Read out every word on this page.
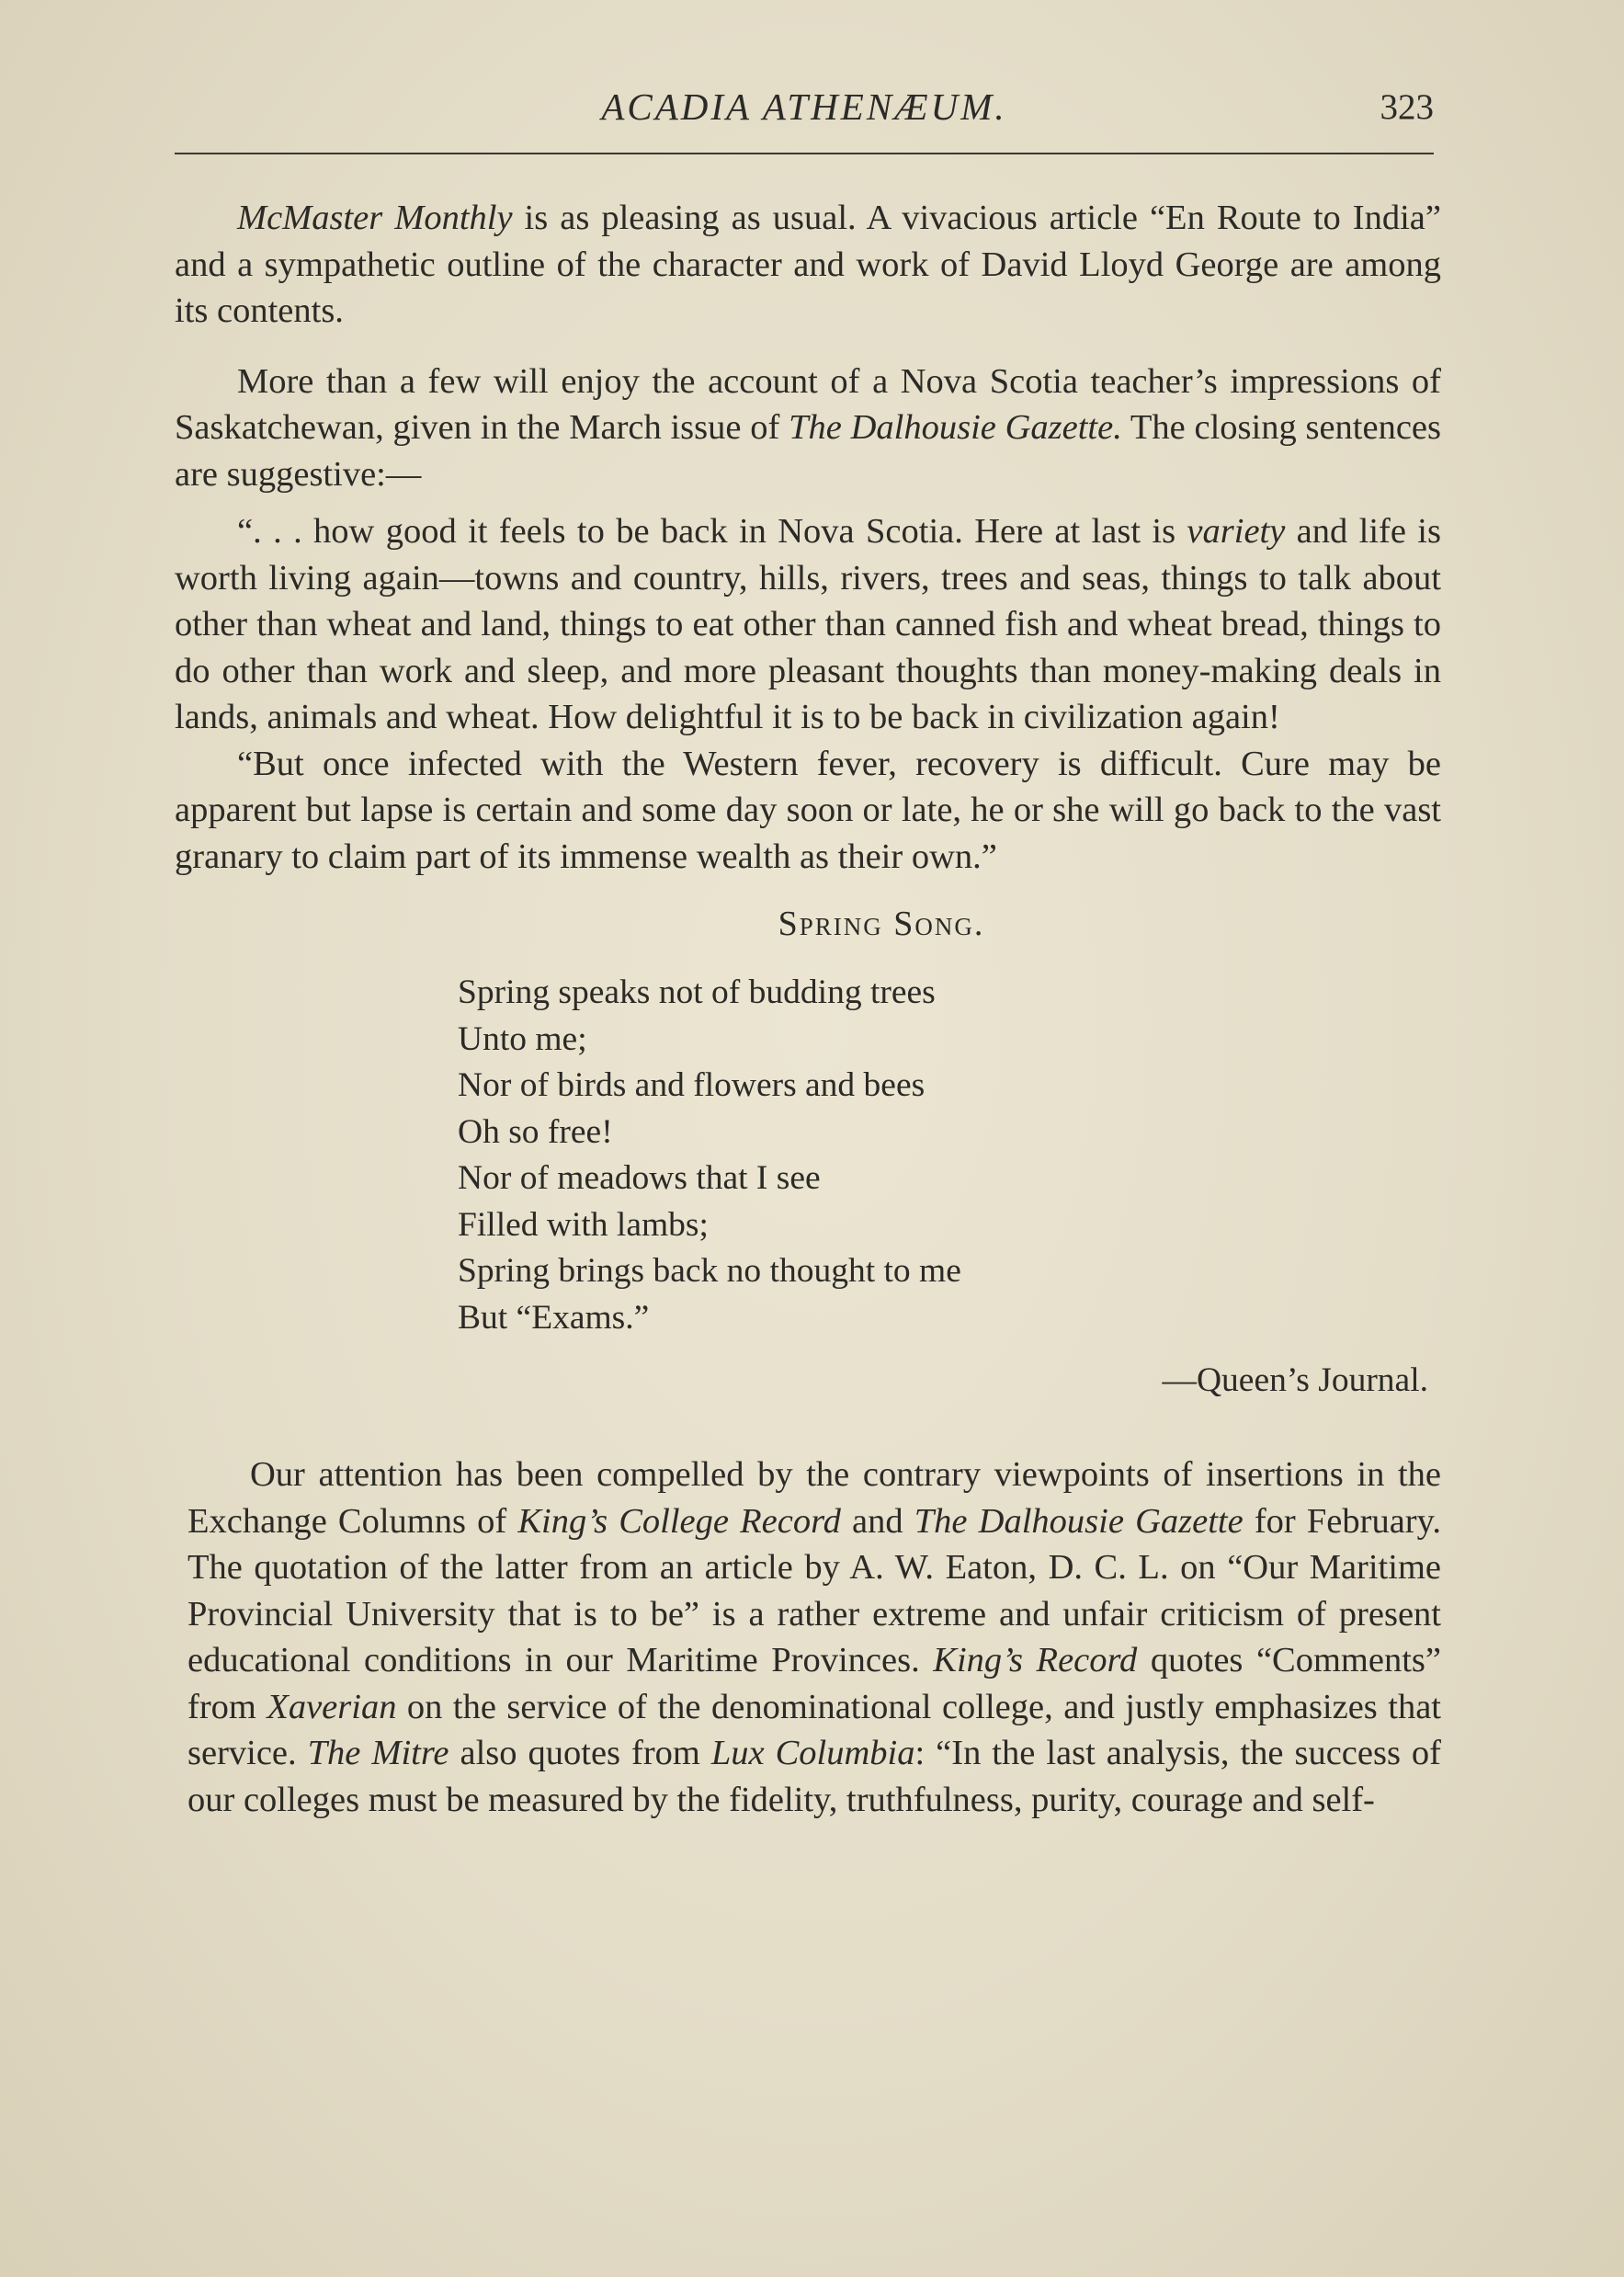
ACADIA ATHENÆUM.	323

McMaster Monthly is as pleasing as usual. A vivacious article “En Route to India” and a sympathetic outline of the character and work of David Lloyd George are among its contents.

More than a few will enjoy the account of a Nova Scotia teacher’s impressions of Saskatchewan, given in the March issue of The Dalhousie Gazette. The closing sentences are suggestive:—

“. . . how good it feels to be back in Nova Scotia. Here at last is variety and life is worth living again—towns and country, hills, rivers, trees and seas, things to talk about other than wheat and land, things to eat other than canned fish and wheat bread, things to do other than work and sleep, and more pleasant thoughts than money-making deals in lands, animals and wheat. How delightful it is to be back in civilization again!

“But once infected with the Western fever, recovery is difficult. Cure may be apparent but lapse is certain and some day soon or late, he or she will go back to the vast granary to claim part of its immense wealth as their own.”

Spring Song.
Spring speaks not of budding trees
Unto me;
Nor of birds and flowers and bees
Oh so free!
Nor of meadows that I see
Filled with lambs;
Spring brings back no thought to me
But “Exams.”
—Queen’s Journal.

Our attention has been compelled by the contrary viewpoints of insertions in the Exchange Columns of King’s College Record and The Dalhousie Gazette for February. The quotation of the latter from an article by A. W. Eaton, D. C. L. on “Our Maritime Provincial University that is to be” is a rather extreme and unfair criticism of present educational conditions in our Maritime Provinces. King’s Record quotes “Comments” from Xaverian on the service of the denominational college, and justly emphasizes that service. The Mitre also quotes from Lux Columbia: “In the last analysis, the success of our colleges must be measured by the fidelity, truthfulness, purity, courage and self-
